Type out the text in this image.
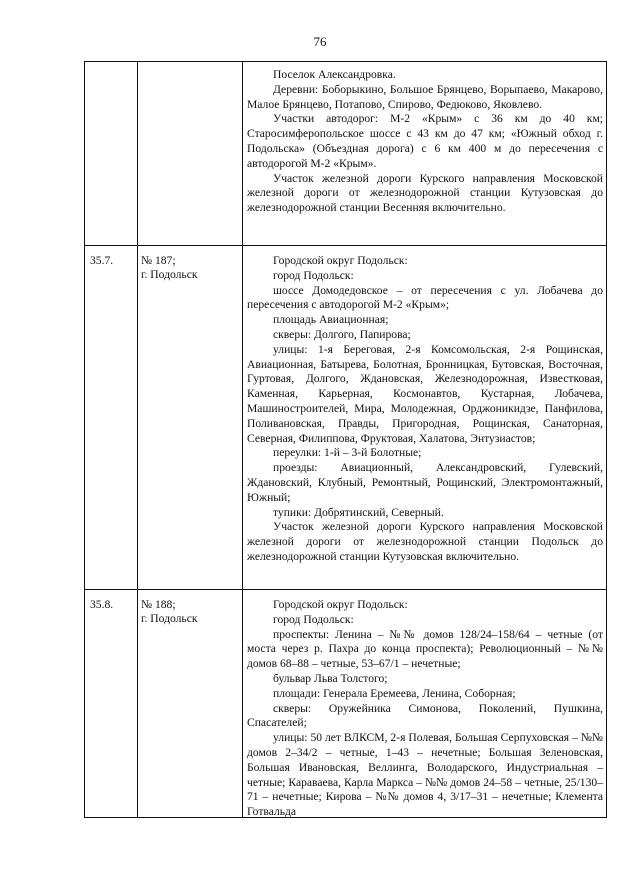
76

Поселок Александровка.

Деревни: Боборыкино, Большое Брянцево, Ворыпаево, Макарово, Малое Брянцево, Потапово, Спирово, Федюково, Яковлево.

Участки автодорог: М-2 «Крым» с 36 км до 40 км; Старосимферопольское шоссе с 43 км до 47 км; «Южный обход г. Подольска» (Объездная дорога) с 6 км 400 м до пересечения с автодорогой М-2 «Крым».

Участок железной дороги Курского направления Московской железной дороги от железнодорожной станции Кутузовская до железнодорожной станции Весенняя включительно.

35.7.	№ 187;
г. Подольск

Городской округ Подольск:

город Подольск:

шоссе Домодедовское – от пересечения с ул. Лобачева до пересечения с автодорогой М-2 «Крым»;

площадь Авиационная;

скверы: Долгого, Папирова;

улицы: 1-я Береговая, 2-я Комсомольская, 2-я Рощинская, Авиационная, Батырева, Болотная, Бронницкая, Бутовская, Восточная, Гуртовая, Долгого, Ждановская, Железнодорожная, Известковая, Каменная, Карьерная, Космонавтов, Кустарная, Лобачева, Машиностроителей, Мира, Молодежная, Орджоникидзе, Панфилова, Поливановская, Правды, Пригородная, Рощинская, Санаторная, Северная, Филиппова, Фруктовая, Халатова, Энтузиастов;

переулки: 1-й – 3-й Болотные;

проезды: Авиационный, Александровский, Гулевский, Ждановский, Клубный, Ремонтный, Рощинский, Электромонтажный, Южный;

тупики: Добрятинский, Северный.

Участок железной дороги Курского направления Московской железной дороги от железнодорожной станции Подольск до железнодорожной станции Кутузовская включительно.

35.8.	№ 188;
г. Подольск

Городской округ Подольск:

город Подольск:

проспекты: Ленина – №№ домов 128/24–158/64 – четные (от моста через р. Пахра до конца проспекта); Революционный – №№ домов 68–88 – четные, 53–67/1 – нечетные;

бульвар Льва Толстого;

площади: Генерала Еремеева, Ленина, Соборная;

скверы: Оружейника Симонова, Поколений, Пушкина, Спасателей;

улицы: 50 лет ВЛКСМ, 2-я Полевая, Большая Серпуховская – №№ домов 2–34/2 – четные, 1–43 – нечетные; Большая Зеленовская, Большая Ивановская, Веллинга, Володарского, Индустриальная – четные; Караваева, Карла Маркса – №№ домов 24–58 – четные, 25/130–71 – нечетные; Кирова – №№ домов 4, 3/17–31 – нечетные; Клемента Готвальда
